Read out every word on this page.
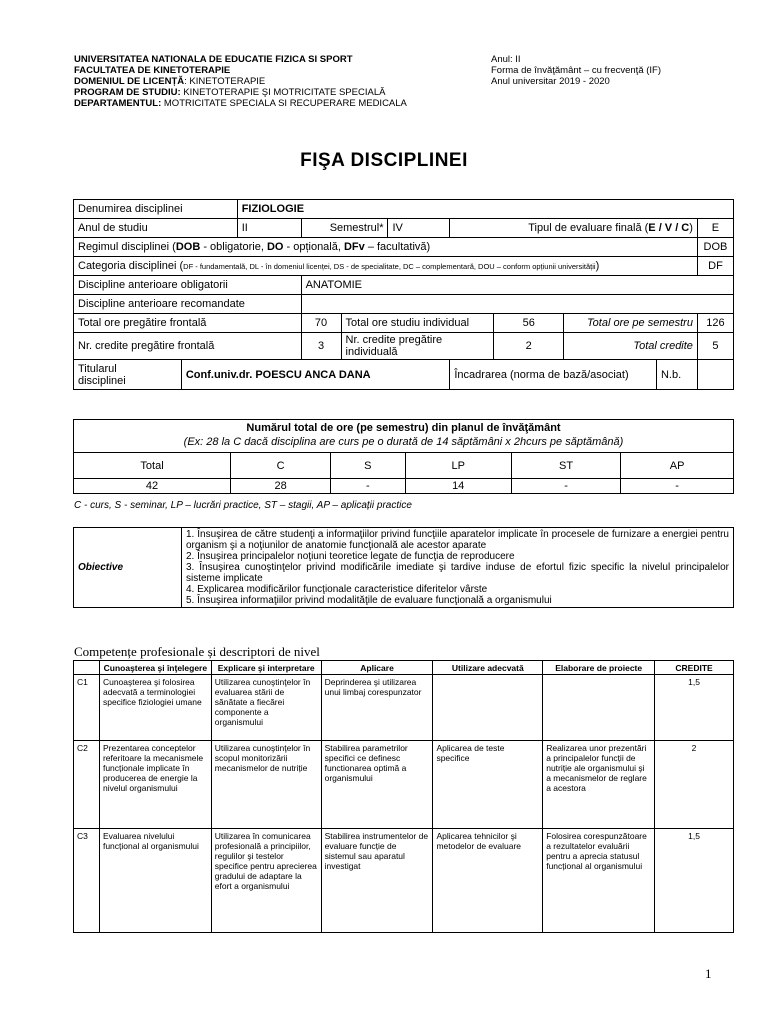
UNIVERSITATEA NATIONALA DE EDUCATIE FIZICA SI SPORT
FACULTATEA DE KINETOTERAPIE
DOMENIUL DE LICENȚĂ: KINETOTERAPIE
PROGRAM DE STUDIU: KINETOTERAPIE ŞI MOTRICITATE SPECIALĂ
DEPARTAMENTUL: MOTRICITATE SPECIALA SI RECUPERARE MEDICALA
Anul: II
Forma de învăţământ – cu frecvenţă (IF)
Anul universitar 2019 - 2020
FIŞA DISCIPLINEI
Denumirea disciplinei		FIZIOLOGIE								
Anul de studiu		II	Semestrul*		IV	Tipul de evaluare finală (E / V / C)				E
Regimul disciplinei (DOB - obligatorie, DO - opțională, DFv – facultativă)										DOB
Categoria disciplinei (DF - fundamentală, DL - în domeniul licenței, DS - de specialitate, DC – complementară, DOU – conform opțiunii universității)										DF
Discipline anterioare obligatorii			ANATOMIE							
Discipline anterioare recomandate										
Total ore pregătire frontală			70	Total ore studiu individual			56	Total ore pe semestru		126
Nr. credite pregătire frontală			3	Nr. credite pregătire individuală			2	Total credite		5

Titularul
disciplinei	Conf.univ.dr. POESCU ANCA DANA					Încadrarea (norma de bază/asociat)			N.b.	
Numărul total de ore (pe semestru) din planul de învăţământ					
(Ex: 28 la C dacă disciplina are curs pe o durată de 14 săptămâni x 2hcurs pe săptămână)					
Total	C	S	LP	ST	AP
42	28	-	14	-	-
C - curs, S - seminar, LP – lucrări practice, ST – stagii, AP – aplicații practice
Obiective	

1. Însuşirea de către studenţi a informaţiilor privind funcţiile aparatelor implicate în procesele de furnizare a energiei pentru organism şi a noţiunilor de anatomie funcţională ale acestor aparate

2. Însuşirea principalelor noţiuni teoretice legate de funcţia de reproducere

3. Însuşirea cunoştinţelor privind modificările imediate şi tardive induse de efortul fizic specific la nivelul principalelor sisteme implicate

4. Explicarea modificărilor funcţionale caracteristice diferitelor vârste

5. Însuşirea informaţiilor privind modalităţile de evaluare funcţională a organismului

Competențe profesionale și descriptori de nivel
	Cunoaşterea şi înţelegere	Explicare şi interpretare	Aplicare	Utilizare adecvată	Elaborare de proiecte	CREDITE
C1	Cunoaşterea şi folosirea adecvată a terminologiei specifice fiziologiei umane	Utilizarea cunoştinţelor în evaluarea stării de sănătate a fiecărei componente a organismului	Deprinderea şi utilizarea unui limbaj corespunzator			1,5
C2	Prezentarea conceptelor referitoare la mecanismele funcționale implicate în producerea de energie la nivelul organismului	Utilizarea cunoştinţelor în scopul monitorizării mecanismelor de nutriție	Stabilirea parametrilor specifici ce definesc functionarea optimă a organismului	Aplicarea de teste specifice	Realizarea unor prezentări a principalelor funcții de nutriție ale organismului şi a mecanismelor de reglare a acestora	2
C3	Evaluarea nivelului funcțional al organismului	Utilizarea în comunicarea profesională a principiilor, regulilor şi testelor specifice pentru aprecierea gradului de adaptare la efort a organismului	Stabilirea instrumentelor de evaluare funcție de sistemul sau aparatul investigat	Aplicarea tehnicilor şi metodelor de evaluare	Folosirea corespunzătoare a rezultatelor evaluării pentru a aprecia statusul funcțional al organismului	1,5
1
